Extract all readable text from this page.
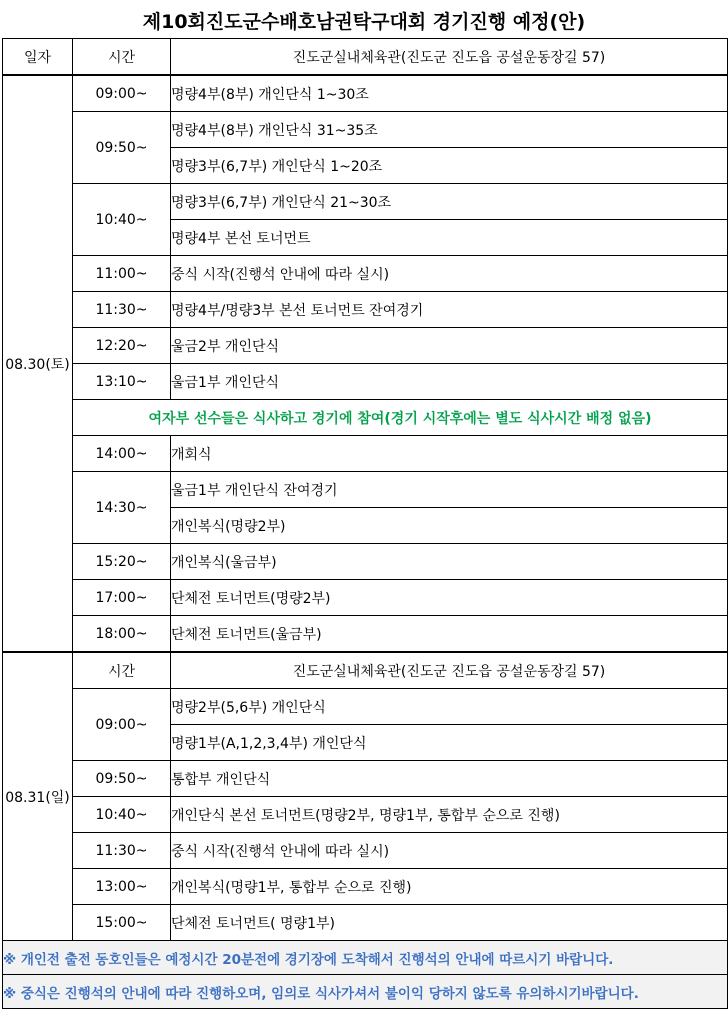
제10회진도군수배호남권탁구대회 경기진행 예정(안)
일자	시간	진도군실내체육관(진도군 진도읍 공설운동장길 57)
08.30(토)	09:00~	명량4부(8부) 개인단식 1~30조
	09:50~	명량4부(8부) 개인단식 31~35조
		명량3부(6,7부) 개인단식 1~20조
	10:40~	명량3부(6,7부) 개인단식 21~30조
		명량4부 본선 토너먼트
	11:00~	중식 시작(진행석 안내에 따라 실시)
	11:30~	명량4부/명량3부 본선 토너먼트 잔여경기
	12:20~	울금2부 개인단식
	13:10~	울금1부 개인단식
	여자부 선수들은 식사하고 경기에 참여(경기 시작후에는 별도 식사시간 배정 없음)	
	14:00~	개회식
	14:30~	울금1부 개인단식 잔여경기
		개인복식(명량2부)
	15:20~	개인복식(울금부)
	17:00~	단체전 토너먼트(명량2부)
	18:00~	단체전 토너먼트(울금부)
08.31(일)	시간	진도군실내체육관(진도군 진도읍 공설운동장길 57)
	09:00~	명량2부(5,6부) 개인단식
		명량1부(A,1,2,3,4부) 개인단식
	09:50~	통합부 개인단식
	10:40~	개인단식 본선 토너먼트(명량2부, 명량1부, 통합부 순으로 진행)
	11:30~	중식 시작(진행석 안내에 따라 실시)
	13:00~	개인복식(명량1부, 통합부 순으로 진행)
	15:00~	단체전 토너먼트( 명량1부)
※ 개인전 출전 동호인들은 예정시간 20분전에 경기장에 도착해서 진행석의 안내에 따르시기 바랍니다.		
※ 중식은 진행석의 안내에 따라 진행하오며, 임의로 식사가셔서 불이익 당하지 않도록 유의하시기바랍니다.		
